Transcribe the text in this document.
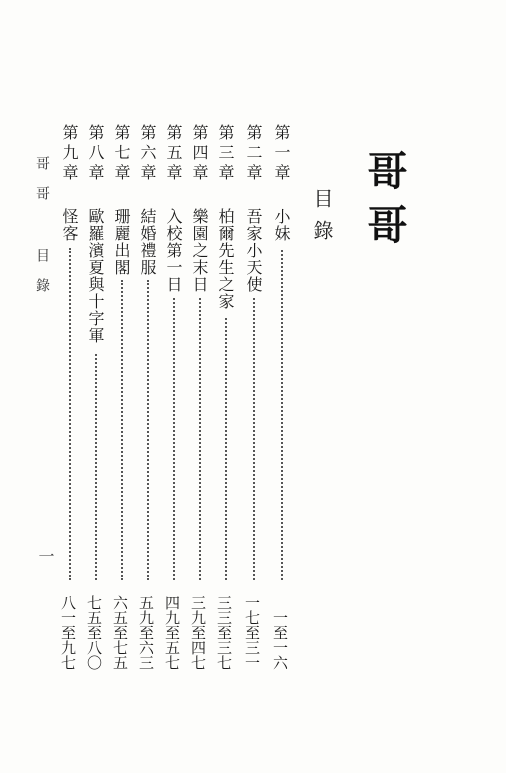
哥哥
目錄
第一章
小妹
一至一六
第二章
吾家小天使
一七至三一
第三章
柏爾先生之家
三三至三七
第四章
樂園之末日
三九至四七
第五章
入校第一日
四九至五七
第六章
結婚禮服
五九至六三
第七章
珊麗出閣
六五至七五
第八章
歐羅濱夏與十字軍
七五至八〇
第九章
怪客
八一至九七
哥哥 目錄
一
